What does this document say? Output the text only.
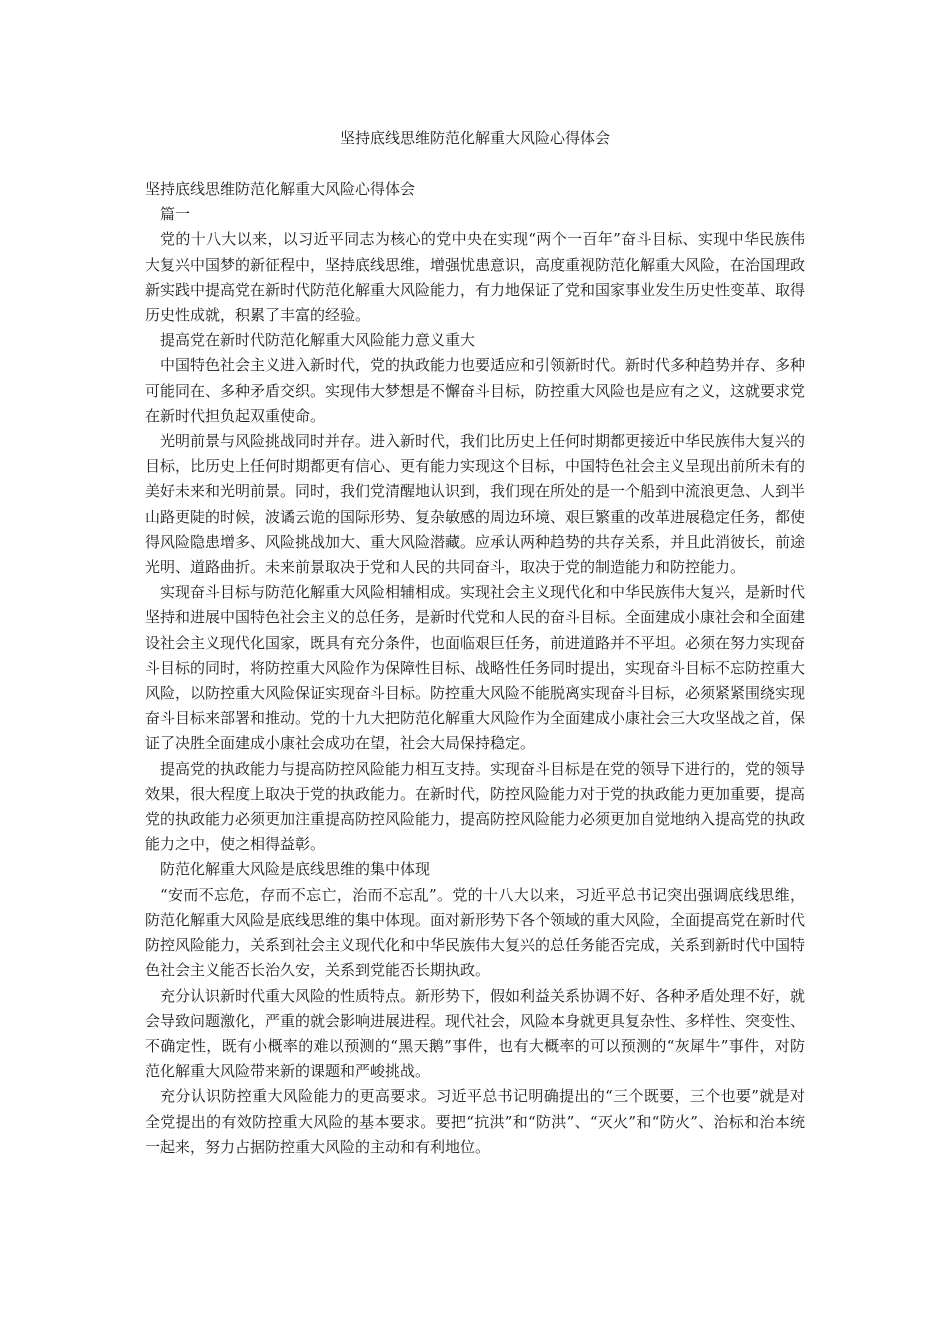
坚持底线思维防范化解重大风险心得体会

坚持底线思维防范化解重大风险心得体会

篇一

党的十八大以来，以习近平同志为核心的党中央在实现“两个一百年”奋斗目标、实现中华民族伟大复兴中国梦的新征程中，坚持底线思维，增强忧患意识，高度重视防范化解重大风险，在治国理政新实践中提高党在新时代防范化解重大风险能力，有力地保证了党和国家事业发生历史性变革、取得历史性成就，积累了丰富的经验。

提高党在新时代防范化解重大风险能力意义重大

中国特色社会主义进入新时代，党的执政能力也要适应和引领新时代。新时代多种趋势并存、多种可能同在、多种矛盾交织。实现伟大梦想是不懈奋斗目标，防控重大风险也是应有之义，这就要求党在新时代担负起双重使命。

光明前景与风险挑战同时并存。进入新时代，我们比历史上任何时期都更接近中华民族伟大复兴的目标，比历史上任何时期都更有信心、更有能力实现这个目标，中国特色社会主义呈现出前所未有的美好未来和光明前景。同时，我们党清醒地认识到，我们现在所处的是一个船到中流浪更急、人到半山路更陡的时候，波谲云诡的国际形势、复杂敏感的周边环境、艰巨繁重的改革进展稳定任务，都使得风险隐患增多、风险挑战加大、重大风险潜藏。应承认两种趋势的共存关系，并且此消彼长，前途光明、道路曲折。未来前景取决于党和人民的共同奋斗，取决于党的制造能力和防控能力。

实现奋斗目标与防范化解重大风险相辅相成。实现社会主义现代化和中华民族伟大复兴，是新时代坚持和进展中国特色社会主义的总任务，是新时代党和人民的奋斗目标。全面建成小康社会和全面建设社会主义现代化国家，既具有充分条件，也面临艰巨任务，前进道路并不平坦。必须在努力实现奋斗目标的同时，将防控重大风险作为保障性目标、战略性任务同时提出，实现奋斗目标不忘防控重大风险，以防控重大风险保证实现奋斗目标。防控重大风险不能脱离实现奋斗目标，必须紧紧围绕实现奋斗目标来部署和推动。党的十九大把防范化解重大风险作为全面建成小康社会三大攻坚战之首，保证了决胜全面建成小康社会成功在望，社会大局保持稳定。

提高党的执政能力与提高防控风险能力相互支持。实现奋斗目标是在党的领导下进行的，党的领导效果，很大程度上取决于党的执政能力。在新时代，防控风险能力对于党的执政能力更加重要，提高党的执政能力必须更加注重提高防控风险能力，提高防控风险能力必须更加自觉地纳入提高党的执政能力之中，使之相得益彰。

防范化解重大风险是底线思维的集中体现

“安而不忘危，存而不忘亡，治而不忘乱”。党的十八大以来，习近平总书记突出强调底线思维，防范化解重大风险是底线思维的集中体现。面对新形势下各个领域的重大风险，全面提高党在新时代防控风险能力，关系到社会主义现代化和中华民族伟大复兴的总任务能否完成，关系到新时代中国特色社会主义能否长治久安，关系到党能否长期执政。

充分认识新时代重大风险的性质特点。新形势下，假如利益关系协调不好、各种矛盾处理不好，就会导致问题激化，严重的就会影响进展进程。现代社会，风险本身就更具复杂性、多样性、突变性、不确定性，既有小概率的难以预测的“黑天鹅”事件，也有大概率的可以预测的“灰犀牛”事件，对防范化解重大风险带来新的课题和严峻挑战。

充分认识防控重大风险能力的更高要求。习近平总书记明确提出的“三个既要，三个也要”就是对全党提出的有效防控重大风险的基本要求。要把“抗洪”和“防洪”、“灭火”和“防火”、治标和治本统一起来，努力占据防控重大风险的主动和有利地位。
